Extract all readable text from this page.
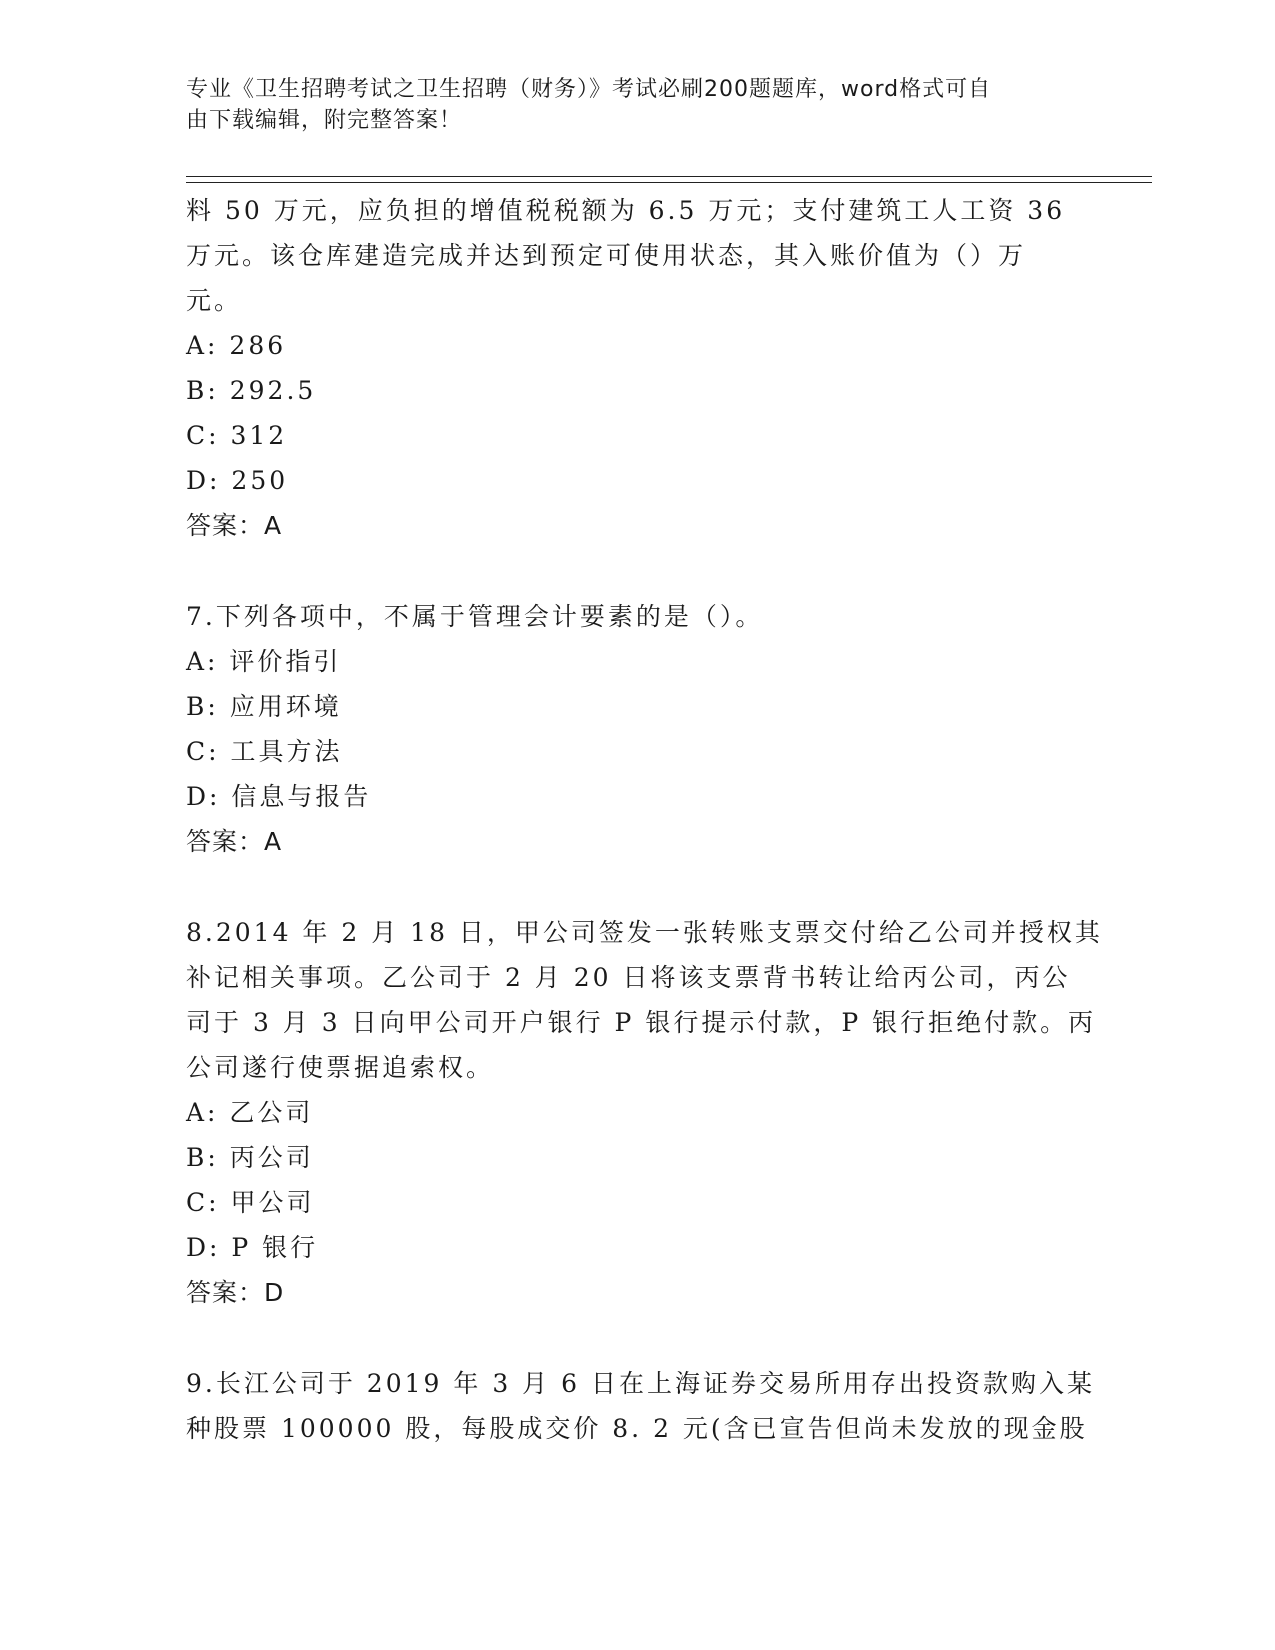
专业《卫生招聘考试之卫生招聘（财务）》考试必刷200题题库，word格式可自
由下载编辑，附完整答案！
料 50 万元，应负担的增值税税额为 6.5 万元；支付建筑工人工资 36
万元。该仓库建造完成并达到预定可使用状态，其入账价值为（）万
元。
A: 286
B: 292.5
C: 312
D: 250
答案：A
7.下列各项中，不属于管理会计要素的是（）。
A: 评价指引
B: 应用环境
C: 工具方法
D: 信息与报告
答案：A
8.2014 年 2 月 18 日，甲公司签发一张转账支票交付给乙公司并授权其
补记相关事项。乙公司于 2 月 20 日将该支票背书转让给丙公司，丙公
司于 3 月 3 日向甲公司开户银行 P 银行提示付款，P 银行拒绝付款。丙
公司遂行使票据追索权。
A: 乙公司
B: 丙公司
C: 甲公司
D: P 银行
答案：D
9.长江公司于 2019 年 3 月 6 日在上海证券交易所用存出投资款购入某
种股票 100000 股，每股成交价 8. 2 元(含已宣告但尚未发放的现金股
